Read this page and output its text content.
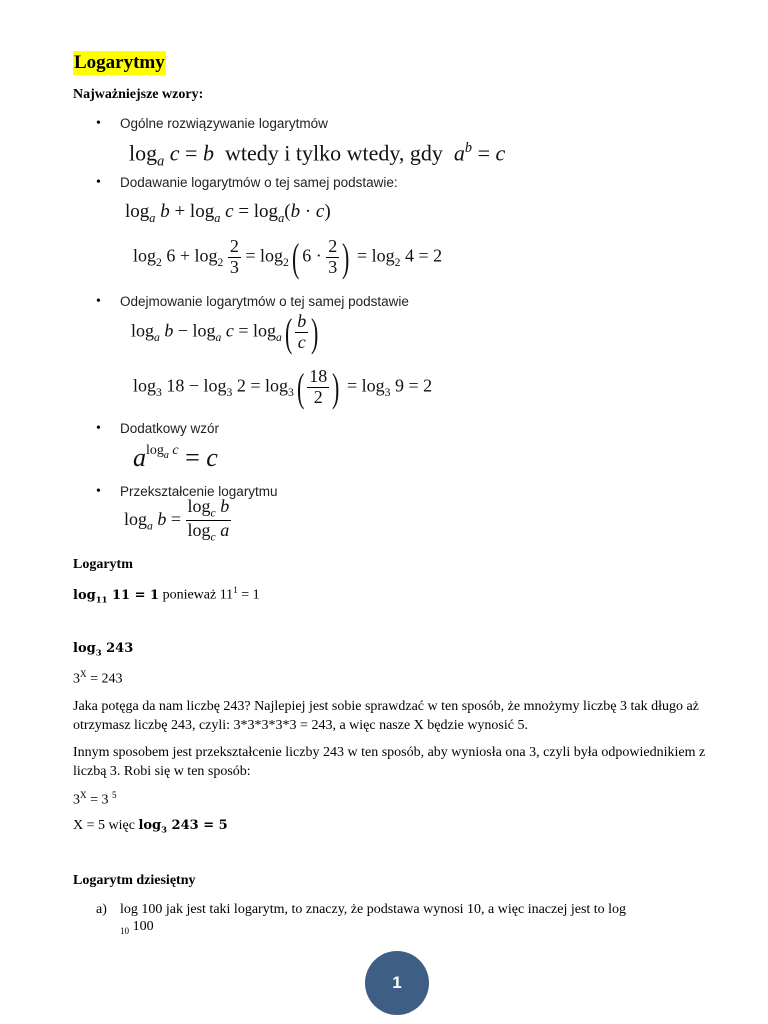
Logarytmy
Najważniejsze wzory:
• Ogólne rozwiązywanie logarytmów
$\log_a c = b$ wtedy i tylko wtedy, gdy $a^b = c$
• Dodawanie logarytmów o tej samej podstawie:
$\log_a b + \log_a c = \log_a(b \cdot c)$
$\log_2 6 + \log_2 \frac{2}{3} = \log_2$( $6 \cdot \frac{2}{3}$ ) = $\log_2 4 = 2$
• Odejmowanie logarytmów o tej samej podstawie
$\log_a b - \log_a c = \log_a( \frac{b}{c}$ )
$\log_3 18 - \log_3 2 = \log_3( \frac{18}{2}$ ) = $\log_3 9 = 2$
• Dodatkowy wzór
$a^{log_a c} = c$
• Przekształcenie logarytmu
$\log_a b = \frac{\log_c b}{\log_c a}$
Logarytm
$\log_{11} 11 = 1$ ponieważ $11^1 = 1$
$\log_3 243$
$3^X = 243$
Jaka potęga da nam liczbę 243? Najlepiej jest sobie sprawdzać w ten sposób, że mnożymy liczbę 3 tak długo aż otrzymasz liczbę 243, czyli: 3*3*3*3*3 = 243, a więc nasze X będzie wynosić 5.
Innym sposobem jest przekształcenie liczby 243 w ten sposób, aby wyniosła ona 3, czyli była odpowiednikiem z liczbą 3. Robi się w ten sposób:
$3^X = 3$ $^5$
X = 5 więc $\log_3 243 = 5$
Logarytm dziesiętny
a) log 100 jak jest taki logarytm, to znaczy, że podstawa wynosi 10, a więc inaczej jest to log
$_{10}$ 100
1
